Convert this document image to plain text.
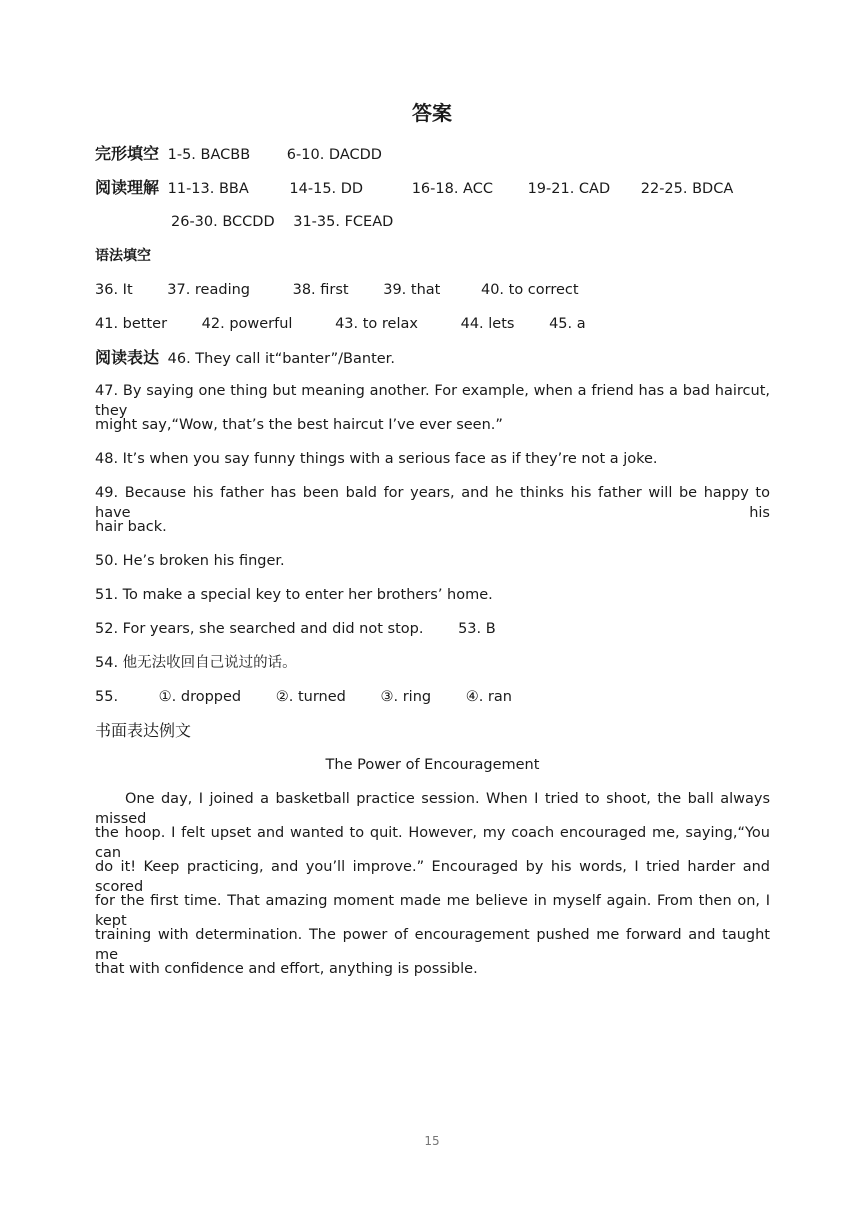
答案
完形填空 1-5. BACBB	6-10. DACDD
阅读理解 11-13. BBA	14-15. DD	16-18. ACC 19-21. CAD 22-25. BDCA
26-30. BCCDD 31-35. FCEAD
语法填空
36. It 37. reading	38. first 39. that	40. to correct
41. better 42. powerful	43. to relax	44. lets 45. a
阅读表达 46. They call it“banter”/Banter.
47. By saying one thing but meaning another. For example, when a friend has a bad haircut, they
might say,“Wow, that’s the best haircut I’ve ever seen.”
48. It’s when you say funny things with a serious face as if they’re not a joke.
49. Because his father has been bald for years, and he thinks his father will be happy to have his
hair back.
50. He’s broken his finger.
51. To make a special key to enter her brothers’ home.
52. For years, she searched and did not stop. 53. B
54. 他无法收回自己说过的话。
55.	①. dropped ②. turned ③. ring ④. ran
书面表达例文
The Power of Encouragement
One day, I joined a basketball practice session. When I tried to shoot, the ball always missed
the hoop. I felt upset and wanted to quit. However, my coach encouraged me, saying,“You can
do it! Keep practicing, and you’ll improve.” Encouraged by his words, I tried harder and scored
for the first time. That amazing moment made me believe in myself again. From then on, I kept
training with determination. The power of encouragement pushed me forward and taught me
that with confidence and effort, anything is possible.
15
